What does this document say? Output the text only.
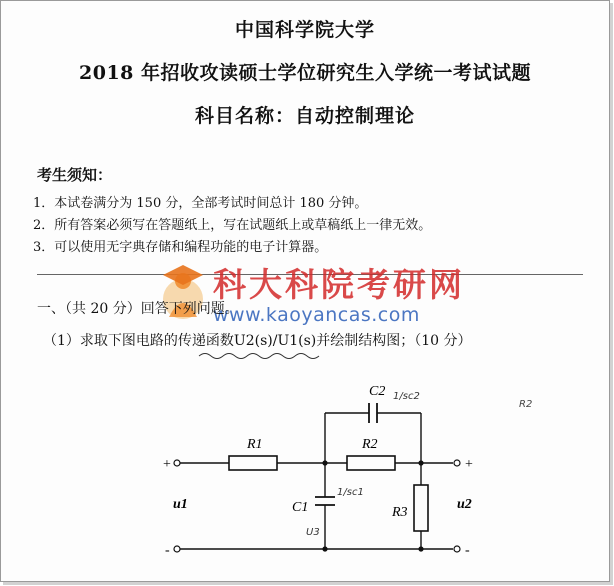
中国科学院大学
2018 年招收攻读硕士学位研究生入学统一考试试题
科目名称：自动控制理论
考生须知：
1．本试卷满分为 150 分，全部考试时间总计 180 分钟。
2．所有答案必须写在答题纸上，写在试题纸上或草稿纸上一律无效。
3．可以使用无字典存储和编程功能的电子计算器。
科大科院考研网
www.kaoyancas.com
一、（共 20 分）回答下列问题。
（1）求取下图电路的传递函数U2(s)/U1(s)并绘制结构图；（10 分）
+
-
+
-
R1	R2
R3
C1
C2
u1	u2
1/sc2
1/sc1
U3
R2
